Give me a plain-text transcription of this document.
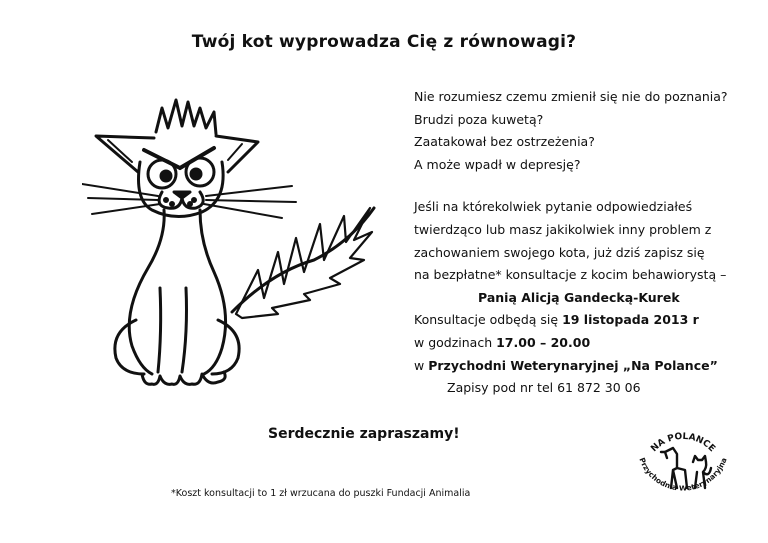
Twój kot wyprowadza Cię z równowagi?

Nie rozumiesz czemu zmienił się nie do poznania?

Brudzi poza kuwetą?

Zaatakował bez ostrzeżenia?

A może wpadł w depresję?

Jeśli na którekolwiek pytanie odpowiedziałeś

twierdząco lub masz jakikolwiek inny problem z

zachowaniem swojego kota, już dziś zapisz się

na bezpłatne* konsultacje z kocim behawiorystą –

Panią Alicją Gandecką-Kurek

Konsultacje odbędą się 19 listopada 2013 r

w godzinach 17.00 – 20.00

w Przychodni Weterynaryjnej „Na Polance”

Zapisy pod nr tel 61 872 30 06

Serdecznie zapraszamy!
*Koszt konsultacji to 1 zł wrzucana do puszki Fundacji Animalia
NA POLANCE
Przychodnia Weterynaryjna
